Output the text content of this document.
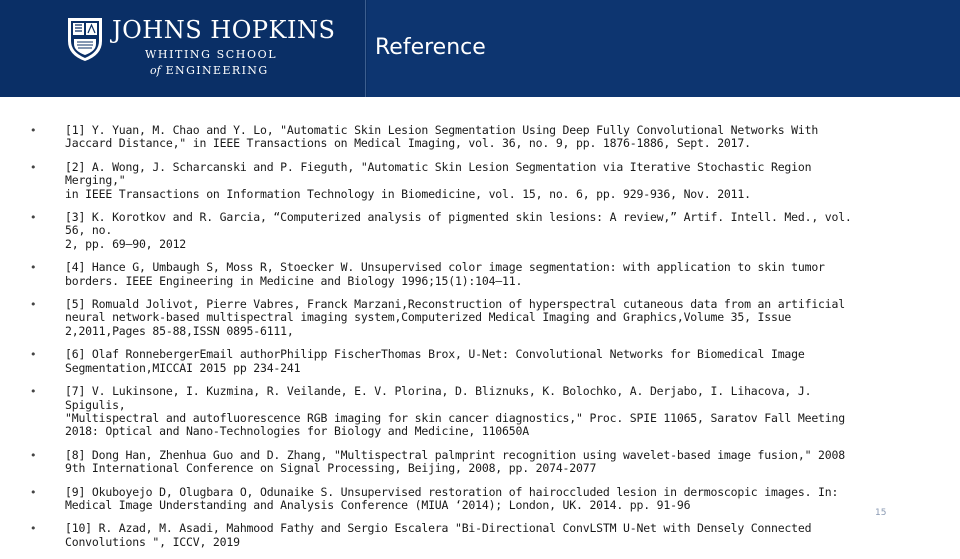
JOHNS HOPKINS
WHITING SCHOOL
of ENGINEERING
Reference
• [1] Y. Yuan, M. Chao and Y. Lo, "Automatic Skin Lesion Segmentation Using Deep Fully Convolutional Networks With
Jaccard Distance," in IEEE Transactions on Medical Imaging, vol. 36, no. 9, pp. 1876-1886, Sept. 2017.
• [2] A. Wong, J. Scharcanski and P. Fieguth, "Automatic Skin Lesion Segmentation via Iterative Stochastic Region Merging,"
in IEEE Transactions on Information Technology in Biomedicine, vol. 15, no. 6, pp. 929-936, Nov. 2011.
• [3] K. Korotkov and R. Garcia, “Computerized analysis of pigmented skin lesions: A review,” Artif. Intell. Med., vol. 56, no.
2, pp. 69–90, 2012
• [4] Hance G, Umbaugh S, Moss R, Stoecker W. Unsupervised color image segmentation: with application to skin tumor
borders. IEEE Engineering in Medicine and Biology 1996;15(1):104–11.
• [5] Romuald Jolivot, Pierre Vabres, Franck Marzani,Reconstruction of hyperspectral cutaneous data from an artificial
neural network-based multispectral imaging system,Computerized Medical Imaging and Graphics,Volume 35, Issue
2,2011,Pages 85-88,ISSN 0895-6111,
• [6] Olaf RonnebergerEmail authorPhilipp FischerThomas Brox, U-Net: Convolutional Networks for Biomedical Image
Segmentation,MICCAI 2015 pp 234-241
• [7] V. Lukinsone, I. Kuzmina, R. Veilande, E. V. Plorina, D. Bliznuks, K. Bolochko, A. Derjabo, I. Lihacova, J. Spigulis,
"Multispectral and autofluorescence RGB imaging for skin cancer diagnostics," Proc. SPIE 11065, Saratov Fall Meeting
2018: Optical and Nano-Technologies for Biology and Medicine, 110650A
• [8] Dong Han, Zhenhua Guo and D. Zhang, "Multispectral palmprint recognition using wavelet-based image fusion," 2008
9th International Conference on Signal Processing, Beijing, 2008, pp. 2074-2077
• [9] Okuboyejo D, Olugbara O, Odunaike S. Unsupervised restoration of hairoccluded lesion in dermoscopic images. In:
Medical Image Understanding and Analysis Conference (MIUA ‘2014); London, UK. 2014. pp. 91-96
• [10] R. Azad, M. Asadi, Mahmood Fathy and Sergio Escalera "Bi-Directional ConvLSTM U-Net with Densely Connected
Convolutions ", ICCV, 2019
15
